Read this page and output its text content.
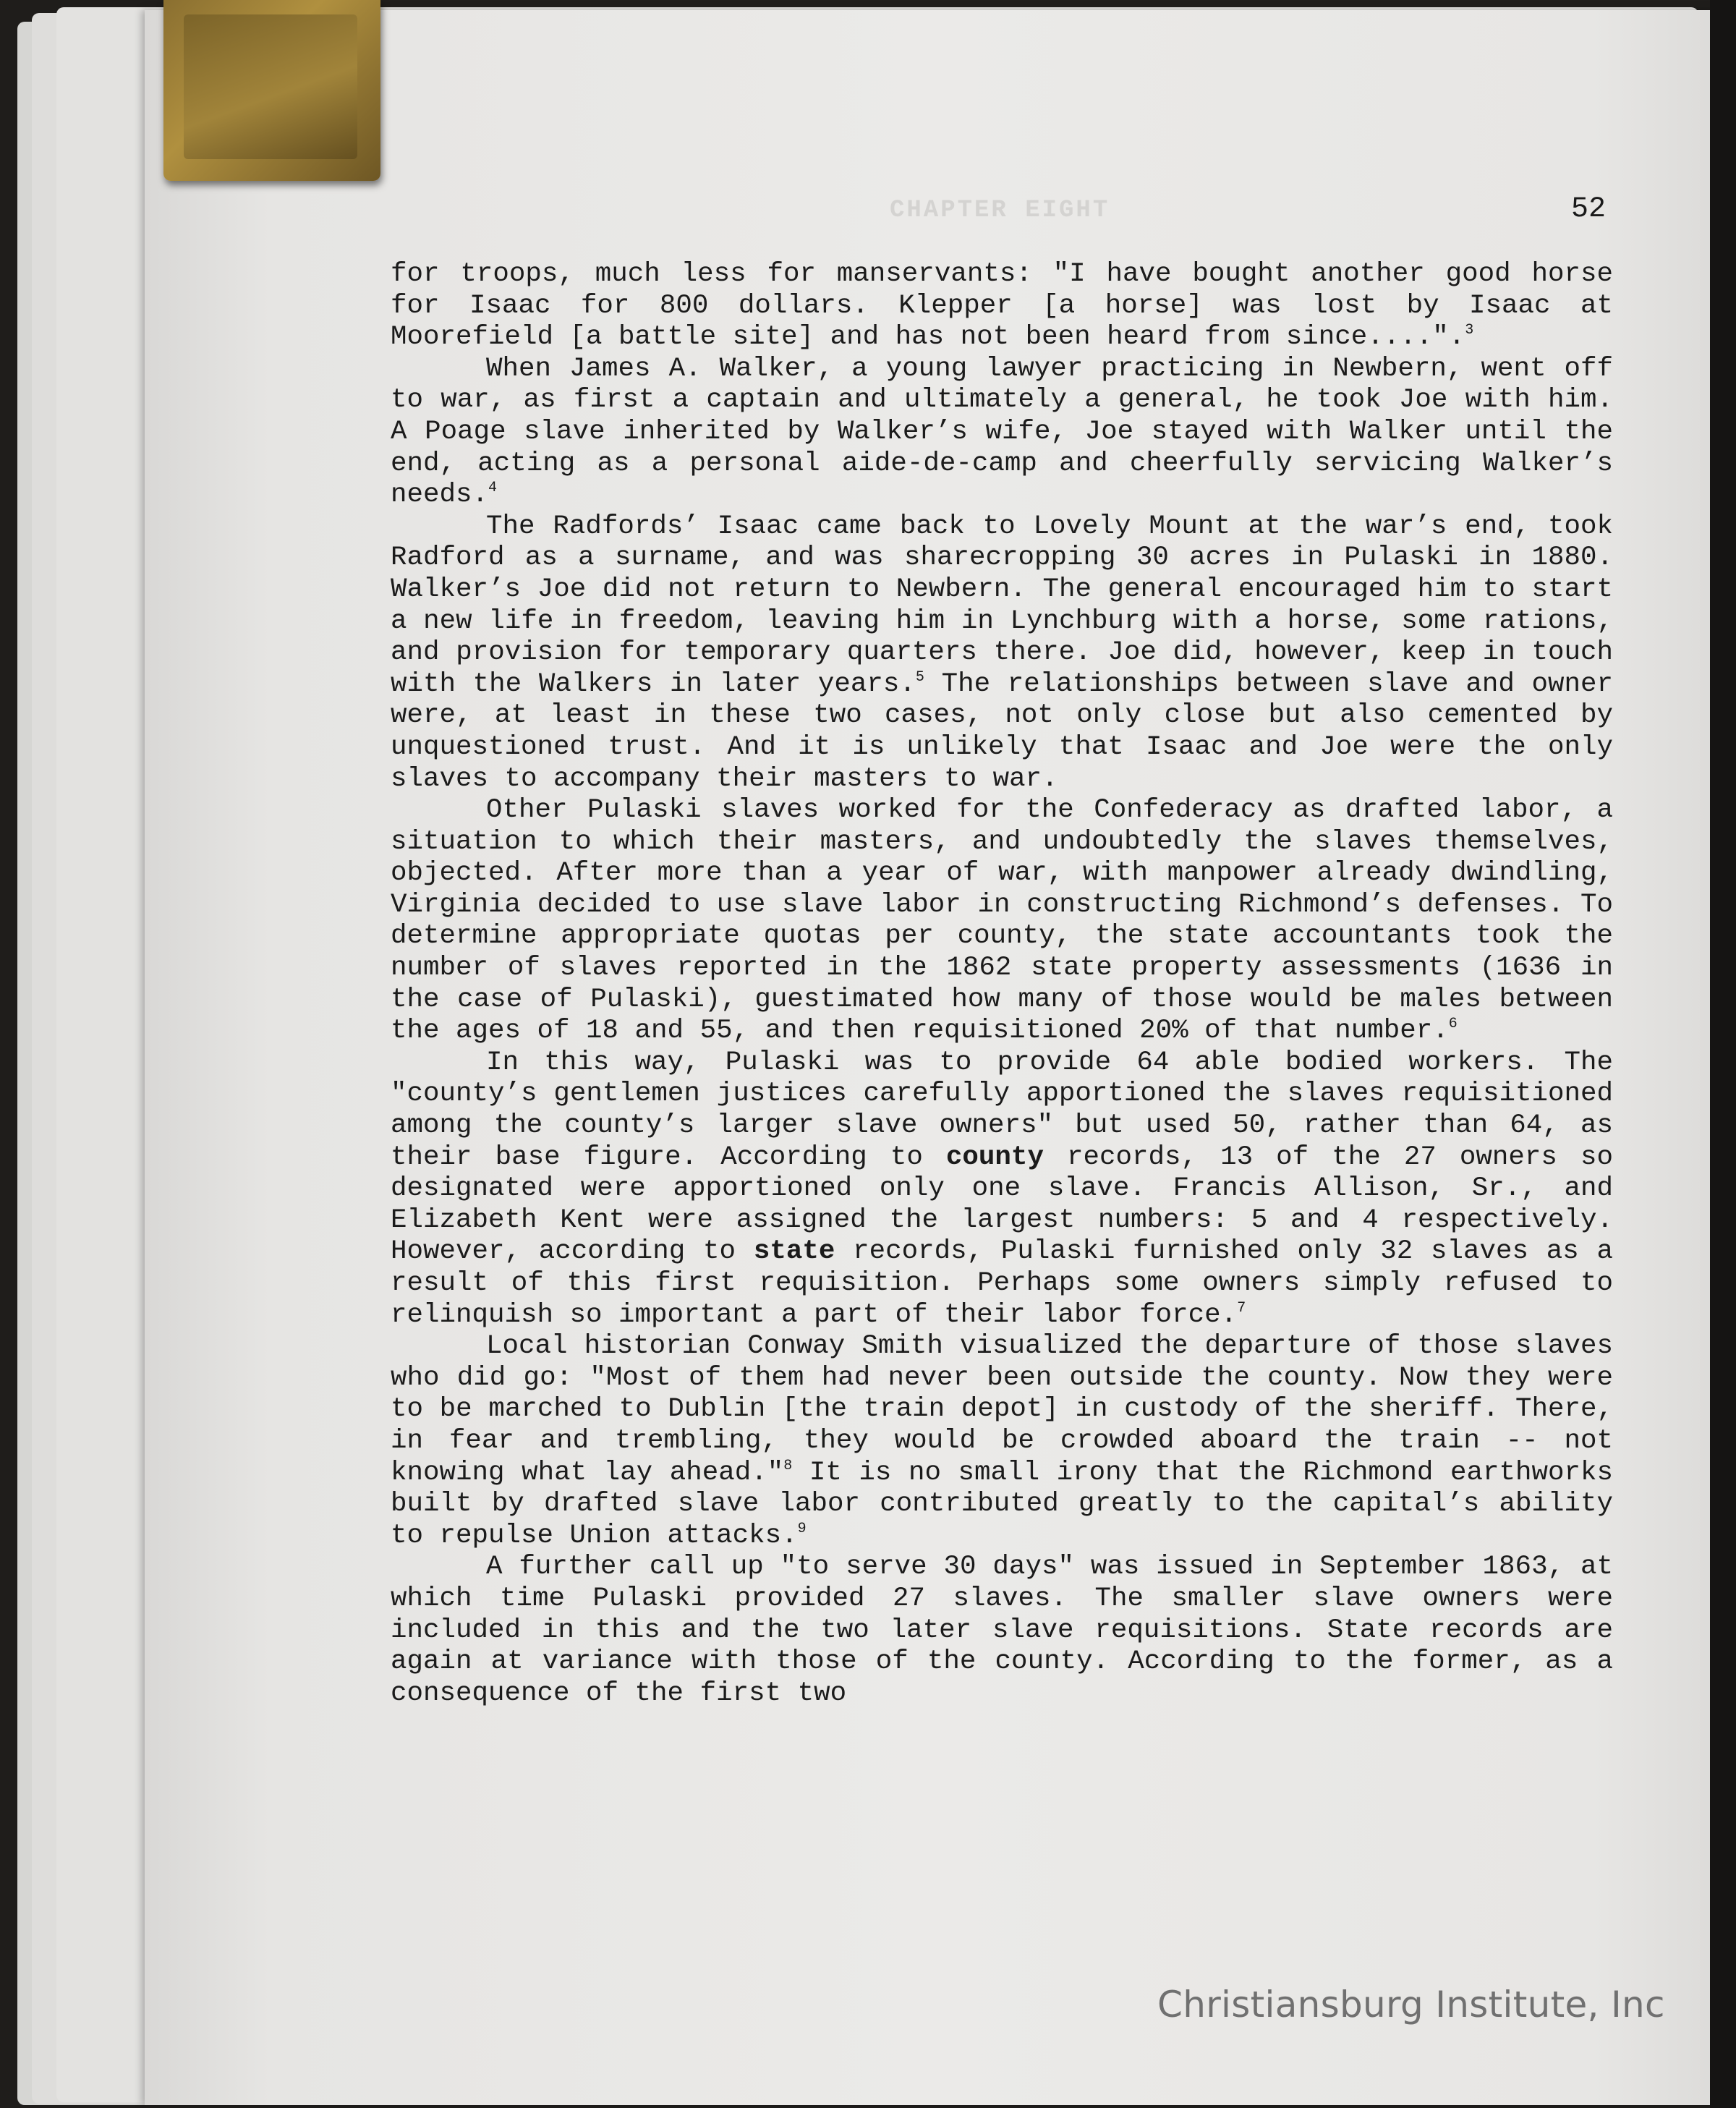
CHAPTER EIGHT	52

for troops, much less for manservants: "I have bought another good horse for Isaac for 800 dollars. Klepper [a horse] was lost by Isaac at Moorefield [a battle site] and has not been heard from since....".$^3$

When James A. Walker, a young lawyer practicing in Newbern, went off to war, as first a captain and ultimately a general, he took Joe with him. A Poage slave inherited by Walker’s wife, Joe stayed with Walker until the end, acting as a personal aide-de-camp and cheerfully servicing Walker’s needs.$^4$

The Radfords’ Isaac came back to Lovely Mount at the war’s end, took Radford as a surname, and was sharecropping 30 acres in Pulaski in 1880. Walker’s Joe did not return to Newbern. The general encouraged him to start a new life in freedom, leaving him in Lynchburg with a horse, some rations, and provision for temporary quarters there. Joe did, however, keep in touch with the Walkers in later years.$^5$ The relationships between slave and owner were, at least in these two cases, not only close but also cemented by unquestioned trust. And it is unlikely that Isaac and Joe were the only slaves to accompany their masters to war.

Other Pulaski slaves worked for the Confederacy as drafted labor, a situation to which their masters, and undoubtedly the slaves themselves, objected. After more than a year of war, with manpower already dwindling, Virginia decided to use slave labor in constructing Richmond’s defenses. To determine appropriate quotas per county, the state accountants took the number of slaves reported in the 1862 state property assessments (1636 in the case of Pulaski), guestimated how many of those would be males between the ages of 18 and 55, and then requisitioned 20% of that number.$^6$

In this way, Pulaski was to provide 64 able bodied workers. The "county’s gentlemen justices carefully apportioned the slaves requisitioned among the county’s larger slave owners" but used 50, rather than 64, as their base figure. According to county records, 13 of the 27 owners so designated were apportioned only one slave. Francis Allison, Sr., and Elizabeth Kent were assigned the largest numbers: 5 and 4 respectively. However, according to state records, Pulaski furnished only 32 slaves as a result of this first requisition. Perhaps some owners simply refused to relinquish so important a part of their labor force.$^7$

Local historian Conway Smith visualized the departure of those slaves who did go: "Most of them had never been outside the county. Now they were to be marched to Dublin [the train depot] in custody of the sheriff. There, in fear and trembling, they would be crowded aboard the train -- not knowing what lay ahead."$^8$ It is no small irony that the Richmond earthworks built by drafted slave labor contributed greatly to the capital’s ability to repulse Union attacks.$^9$

A further call up "to serve 30 days" was issued in September 1863, at which time Pulaski provided 27 slaves. The smaller slave owners were included in this and the two later slave requisitions. State records are again at variance with those of the county. According to the former, as a consequence of the first two

Christiansburg Institute, Inc
